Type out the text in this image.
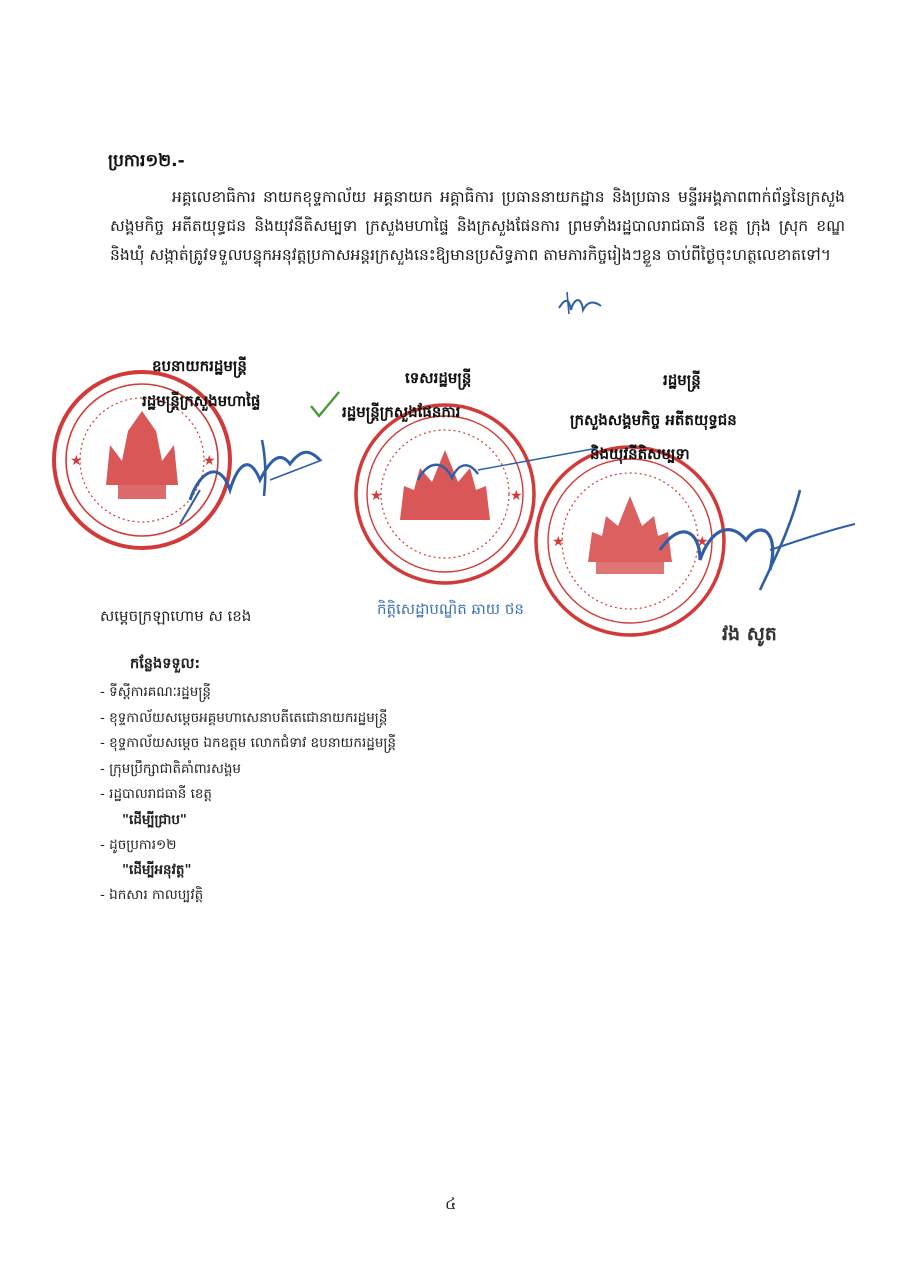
ប្រការ១២.-
អគ្គលេខាធិការ នាយកខុទ្ទកាល័យ អគ្គនាយក អគ្គាធិការ ប្រធាននាយកដ្ឋាន និងប្រធាន មន្ទីរអង្គភាពពាក់ព័ន្ធនៃក្រសួងសង្គមកិច្ច អតីតយុទ្ធជន និងយុវនីតិសម្បទា ក្រសួងមហាផ្ទៃ និងក្រសួងផែនការ ព្រមទាំងរដ្ឋបាលរាជធានី ខេត្ត ក្រុង ស្រុក ខណ្ឌ និងឃុំ សង្កាត់ត្រូវទទួលបន្ទុកអនុវត្តប្រកាសអន្តរក្រសួងនេះឱ្យមានប្រសិទ្ធភាព តាមភារកិច្ចរៀងៗខ្លួន ចាប់ពីថ្ងៃចុះហត្ថលេខាតទៅ។
★	★
★	★
★	★
ឧបនាយករដ្ឋមន្ត្រី
រដ្ឋមន្ត្រីក្រសួងមហាផ្ទៃ
សម្ដេចក្រឡាហោម ស ខេង
ទេសរដ្ឋមន្ត្រី
រដ្ឋមន្ត្រីក្រសួងផែនការ
កិត្តិសេដ្ឋាបណ្ឌិត ឆាយ ថន
រដ្ឋមន្ត្រី
ក្រសួងសង្គមកិច្ច អតីតយុទ្ធជន
និងយុវនីតិសម្បទា
វង សូត
កន្លែងទទួល:
- ទីស្ដីការគណៈរដ្ឋមន្ត្រី
- ខុទ្ទកាល័យសម្ដេចអគ្គមហាសេនាបតីតេជោនាយករដ្ឋមន្ត្រី
- ខុទ្ទកាល័យសម្ដេច ឯកឧត្ដម លោកជំទាវ ឧបនាយករដ្ឋមន្ត្រី
- ក្រុមប្រឹក្សាជាតិគាំពារសង្គម
- រដ្ឋបាលរាជធានី ខេត្ត
"ដើម្បីជ្រាប"
- ដូចប្រការ១២
"ដើម្បីអនុវត្ត"
- ឯកសារ កាលប្បវត្តិ
៤
